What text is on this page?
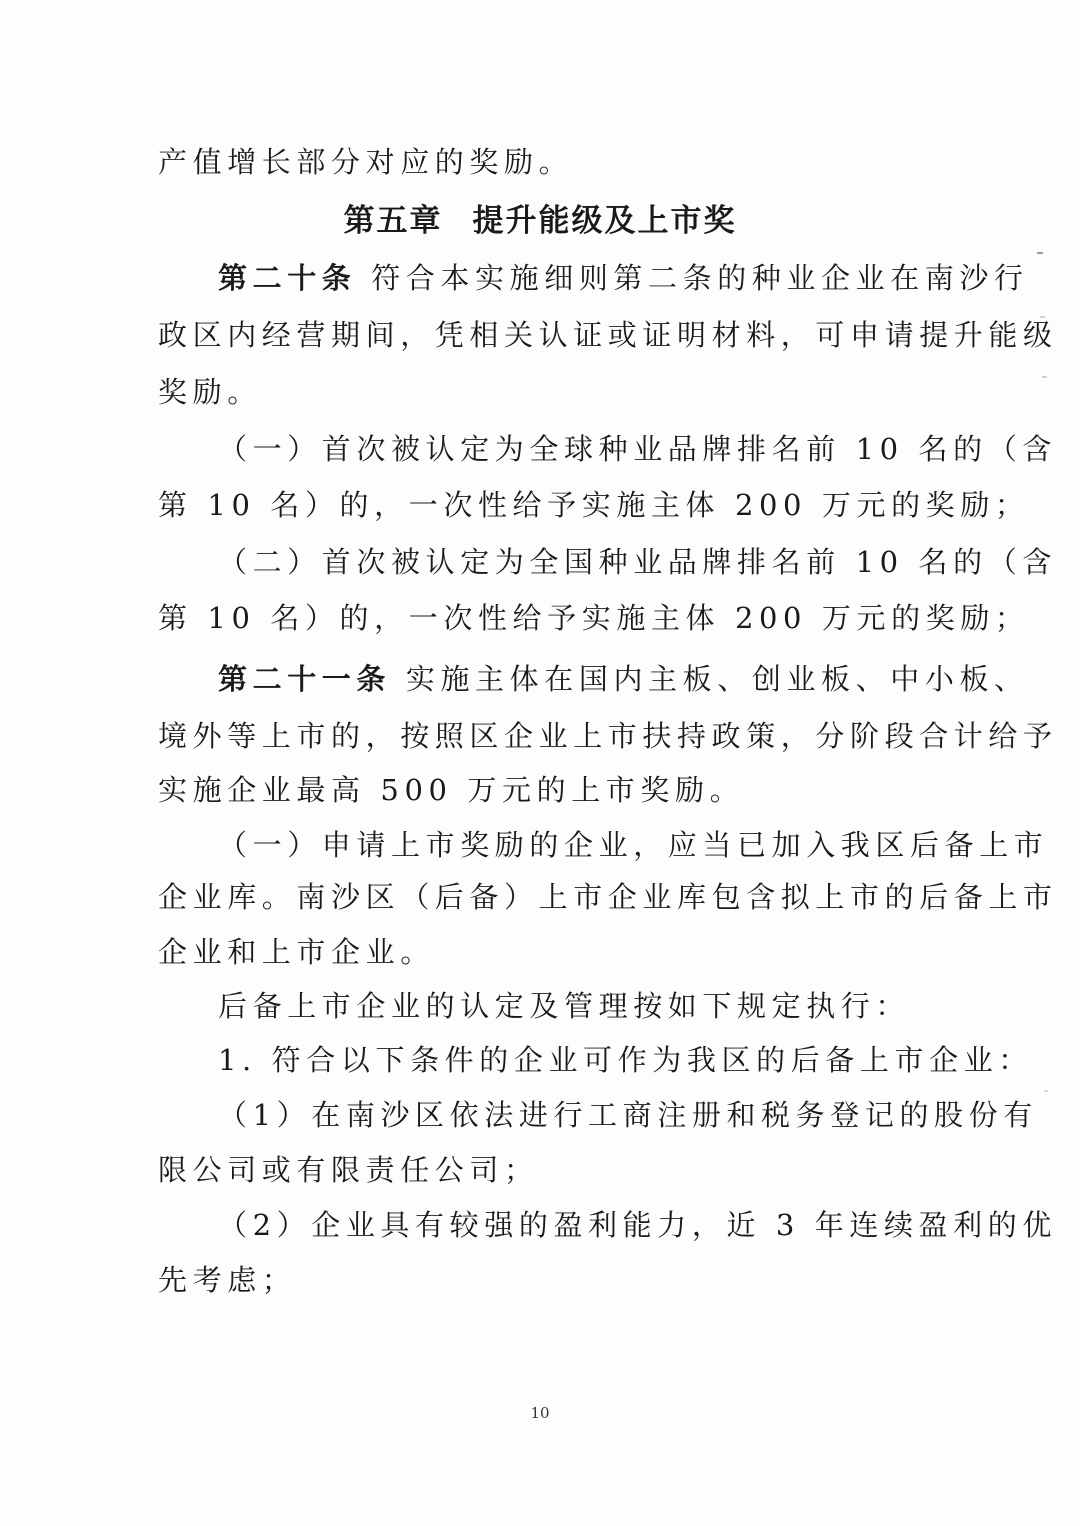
产值增长部分对应的奖励。
第五章 提升能级及上市奖
第二十条 符合本实施细则第二条的种业企业在南沙行
政区内经营期间，凭相关认证或证明材料，可申请提升能级
奖励。
（一）首次被认定为全球种业品牌排名前 10 名的（含
第 10 名）的，一次性给予实施主体 200 万元的奖励；
（二）首次被认定为全国种业品牌排名前 10 名的（含
第 10 名）的，一次性给予实施主体 200 万元的奖励；
第二十一条 实施主体在国内主板、创业板、中小板、
境外等上市的，按照区企业上市扶持政策，分阶段合计给予
实施企业最高 500 万元的上市奖励。
（一）申请上市奖励的企业，应当已加入我区后备上市
企业库。南沙区（后备）上市企业库包含拟上市的后备上市
企业和上市企业。
后备上市企业的认定及管理按如下规定执行：
1. 符合以下条件的企业可作为我区的后备上市企业：
（1）在南沙区依法进行工商注册和税务登记的股份有
限公司或有限责任公司；
（2）企业具有较强的盈利能力，近 3 年连续盈利的优
先考虑；
10
